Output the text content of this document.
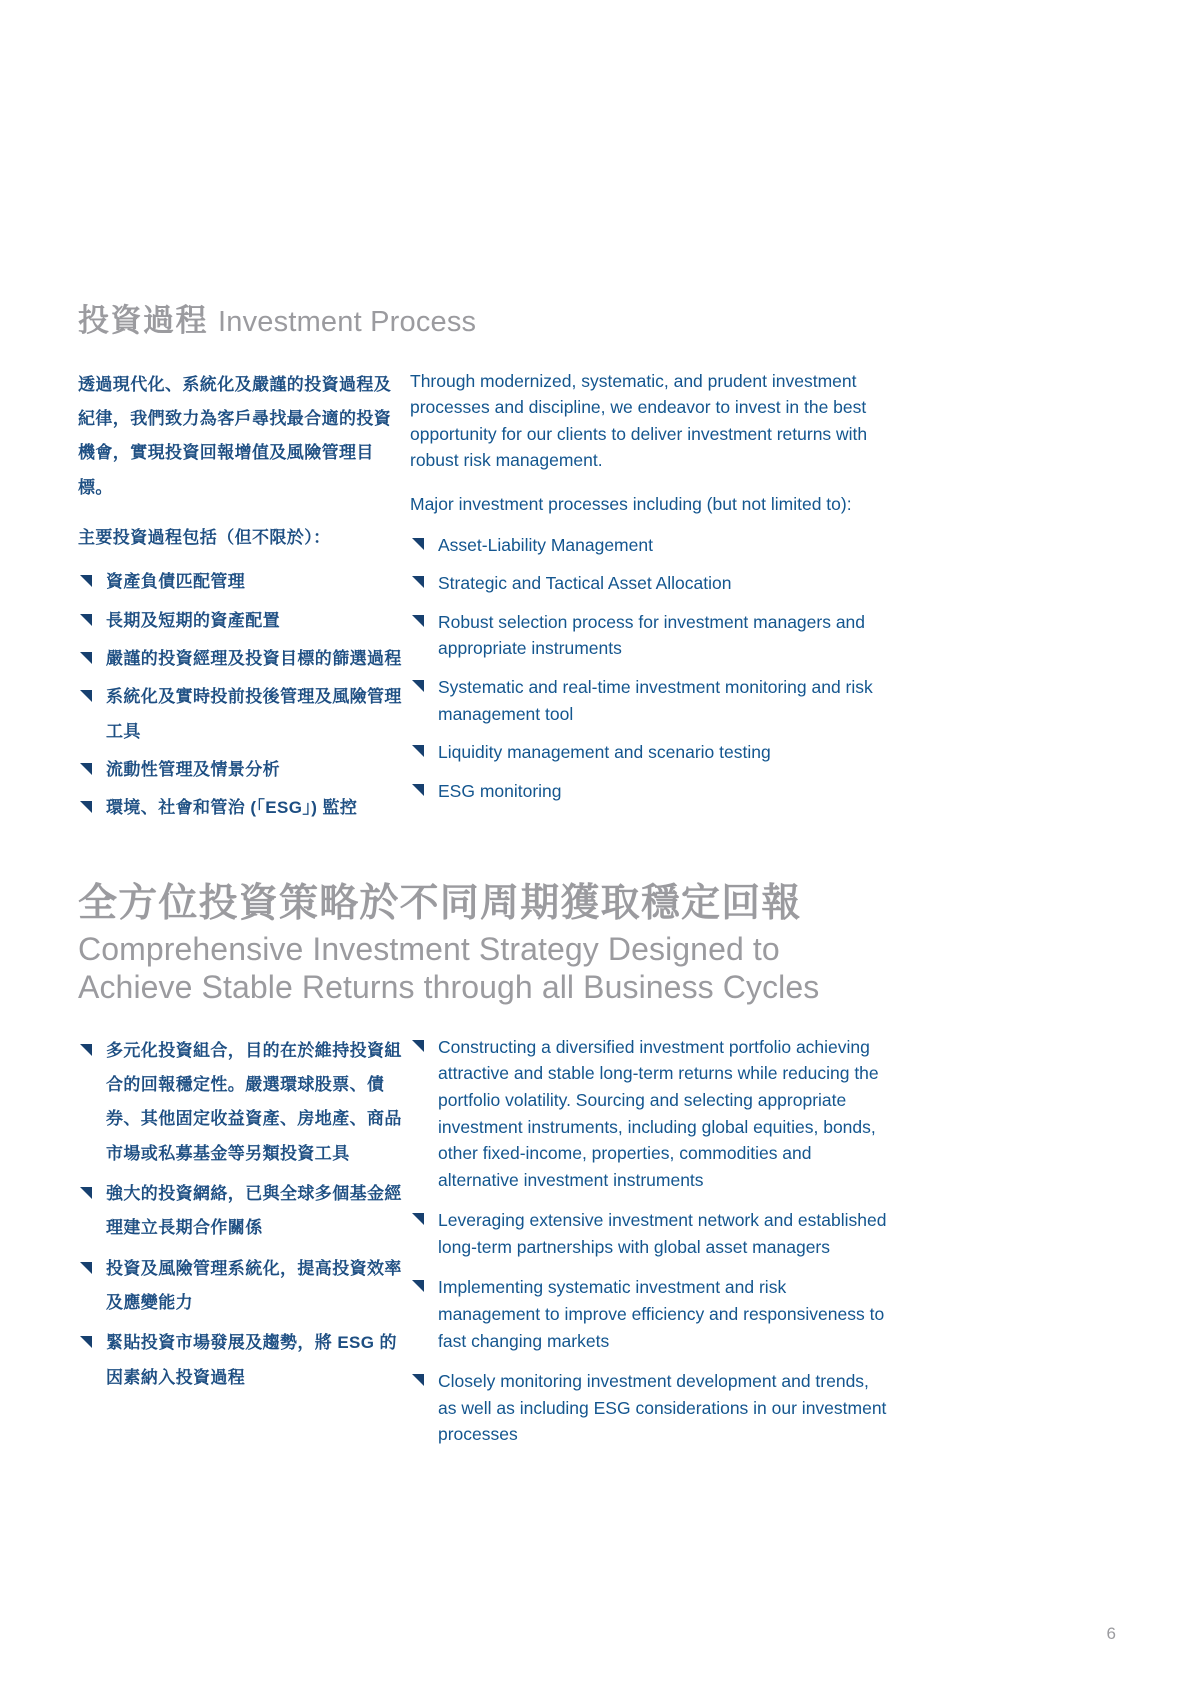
投資過程 Investment Process

透過現代化、系統化及嚴謹的投資過程及紀律，我們致力為客戶尋找最合適的投資機會，實現投資回報增值及風險管理目標。

主要投資過程包括（但不限於）：

資產負債匹配管理
長期及短期的資產配置
嚴謹的投資經理及投資目標的篩選過程
系統化及實時投前投後管理及風險管理工具
流動性管理及情景分析
環境、社會和管治 (「ESG」) 監控

Through modernized, systematic, and prudent investment processes and discipline, we endeavor to invest in the best opportunity for our clients to deliver investment returns with robust risk management.

Major investment processes including (but not limited to):

Asset-Liability Management
Strategic and Tactical Asset Allocation
Robust selection process for investment managers and appropriate instruments
Systematic and real-time investment monitoring and risk management tool
Liquidity management and scenario testing
ESG monitoring
全方位投資策略於不同周期獲取穩定回報
Comprehensive Investment Strategy Designed to
Achieve Stable Returns through all Business Cycles
多元化投資組合，目的在於維持投資組合的回報穩定性。嚴選環球股票、債券、其他固定收益資產、房地產、商品市場或私募基金等另類投資工具
強大的投資網絡，已與全球多個基金經理建立長期合作關係
投資及風險管理系統化，提高投資效率及應變能力
緊貼投資市場發展及趨勢，將 ESG 的因素納入投資過程
Constructing a diversified investment portfolio achieving attractive and stable long-term returns while reducing the portfolio volatility. Sourcing and selecting appropriate investment instruments, including global equities, bonds, other fixed-income, properties, commodities and alternative investment instruments
Leveraging extensive investment network and established long-term partnerships with global asset managers
Implementing systematic investment and risk management to improve efficiency and responsiveness to fast changing markets
Closely monitoring investment development and trends, as well as including ESG considerations in our investment processes
6
